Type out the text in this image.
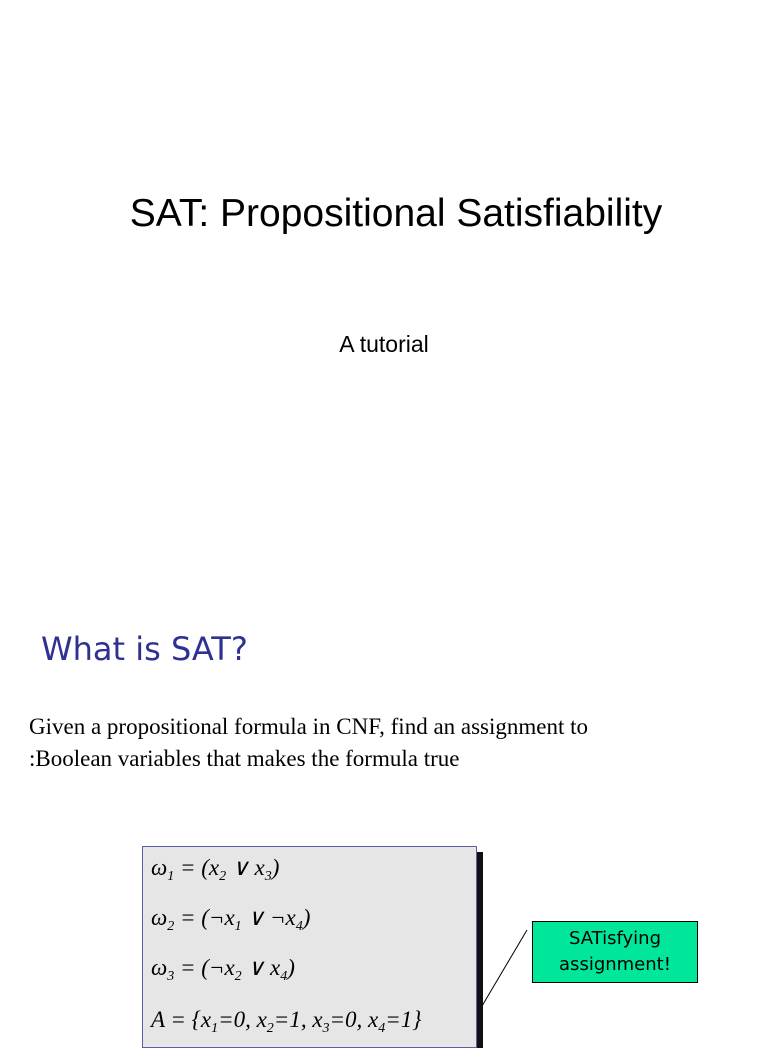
SAT: Propositional Satisfiability
A tutorial
What is SAT?
Given a propositional formula in CNF, find an assignment to
:Boolean variables that makes the formula true
$\omega_1 = (x_2$ ∨ $x_3$)
$\omega_2$ = ($\neg x_1$ ∨ $\neg x_4$)
$\omega_3$ = ($\neg x_2$ ∨ $x_4$)
$A = \{x_1=0$, $x_2=1$, $x_3=0$, $x_4=1$}
SATisfying
assignment!
